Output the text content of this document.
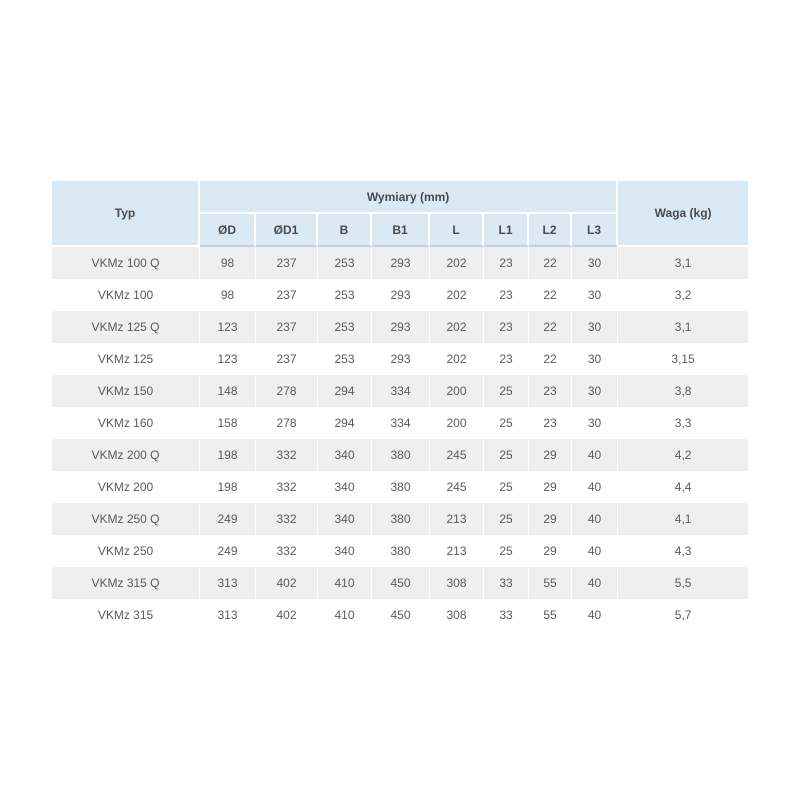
Typ	Wymiary (mm)								Waga (kg)
	ØD	ØD1	B	B1	L	L1	L2	L3	
VKMz 100 Q	98	237	253	293	202	23	22	30	3,1
VKMz 100	98	237	253	293	202	23	22	30	3,2
VKMz 125 Q	123	237	253	293	202	23	22	30	3,1
VKMz 125	123	237	253	293	202	23	22	30	3,15
VKMz 150	148	278	294	334	200	25	23	30	3,8
VKMz 160	158	278	294	334	200	25	23	30	3,3
VKMz 200 Q	198	332	340	380	245	25	29	40	4,2
VKMz 200	198	332	340	380	245	25	29	40	4,4
VKMz 250 Q	249	332	340	380	213	25	29	40	4,1
VKMz 250	249	332	340	380	213	25	29	40	4,3
VKMz 315 Q	313	402	410	450	308	33	55	40	5,5
VKMz 315	313	402	410	450	308	33	55	40	5,7
